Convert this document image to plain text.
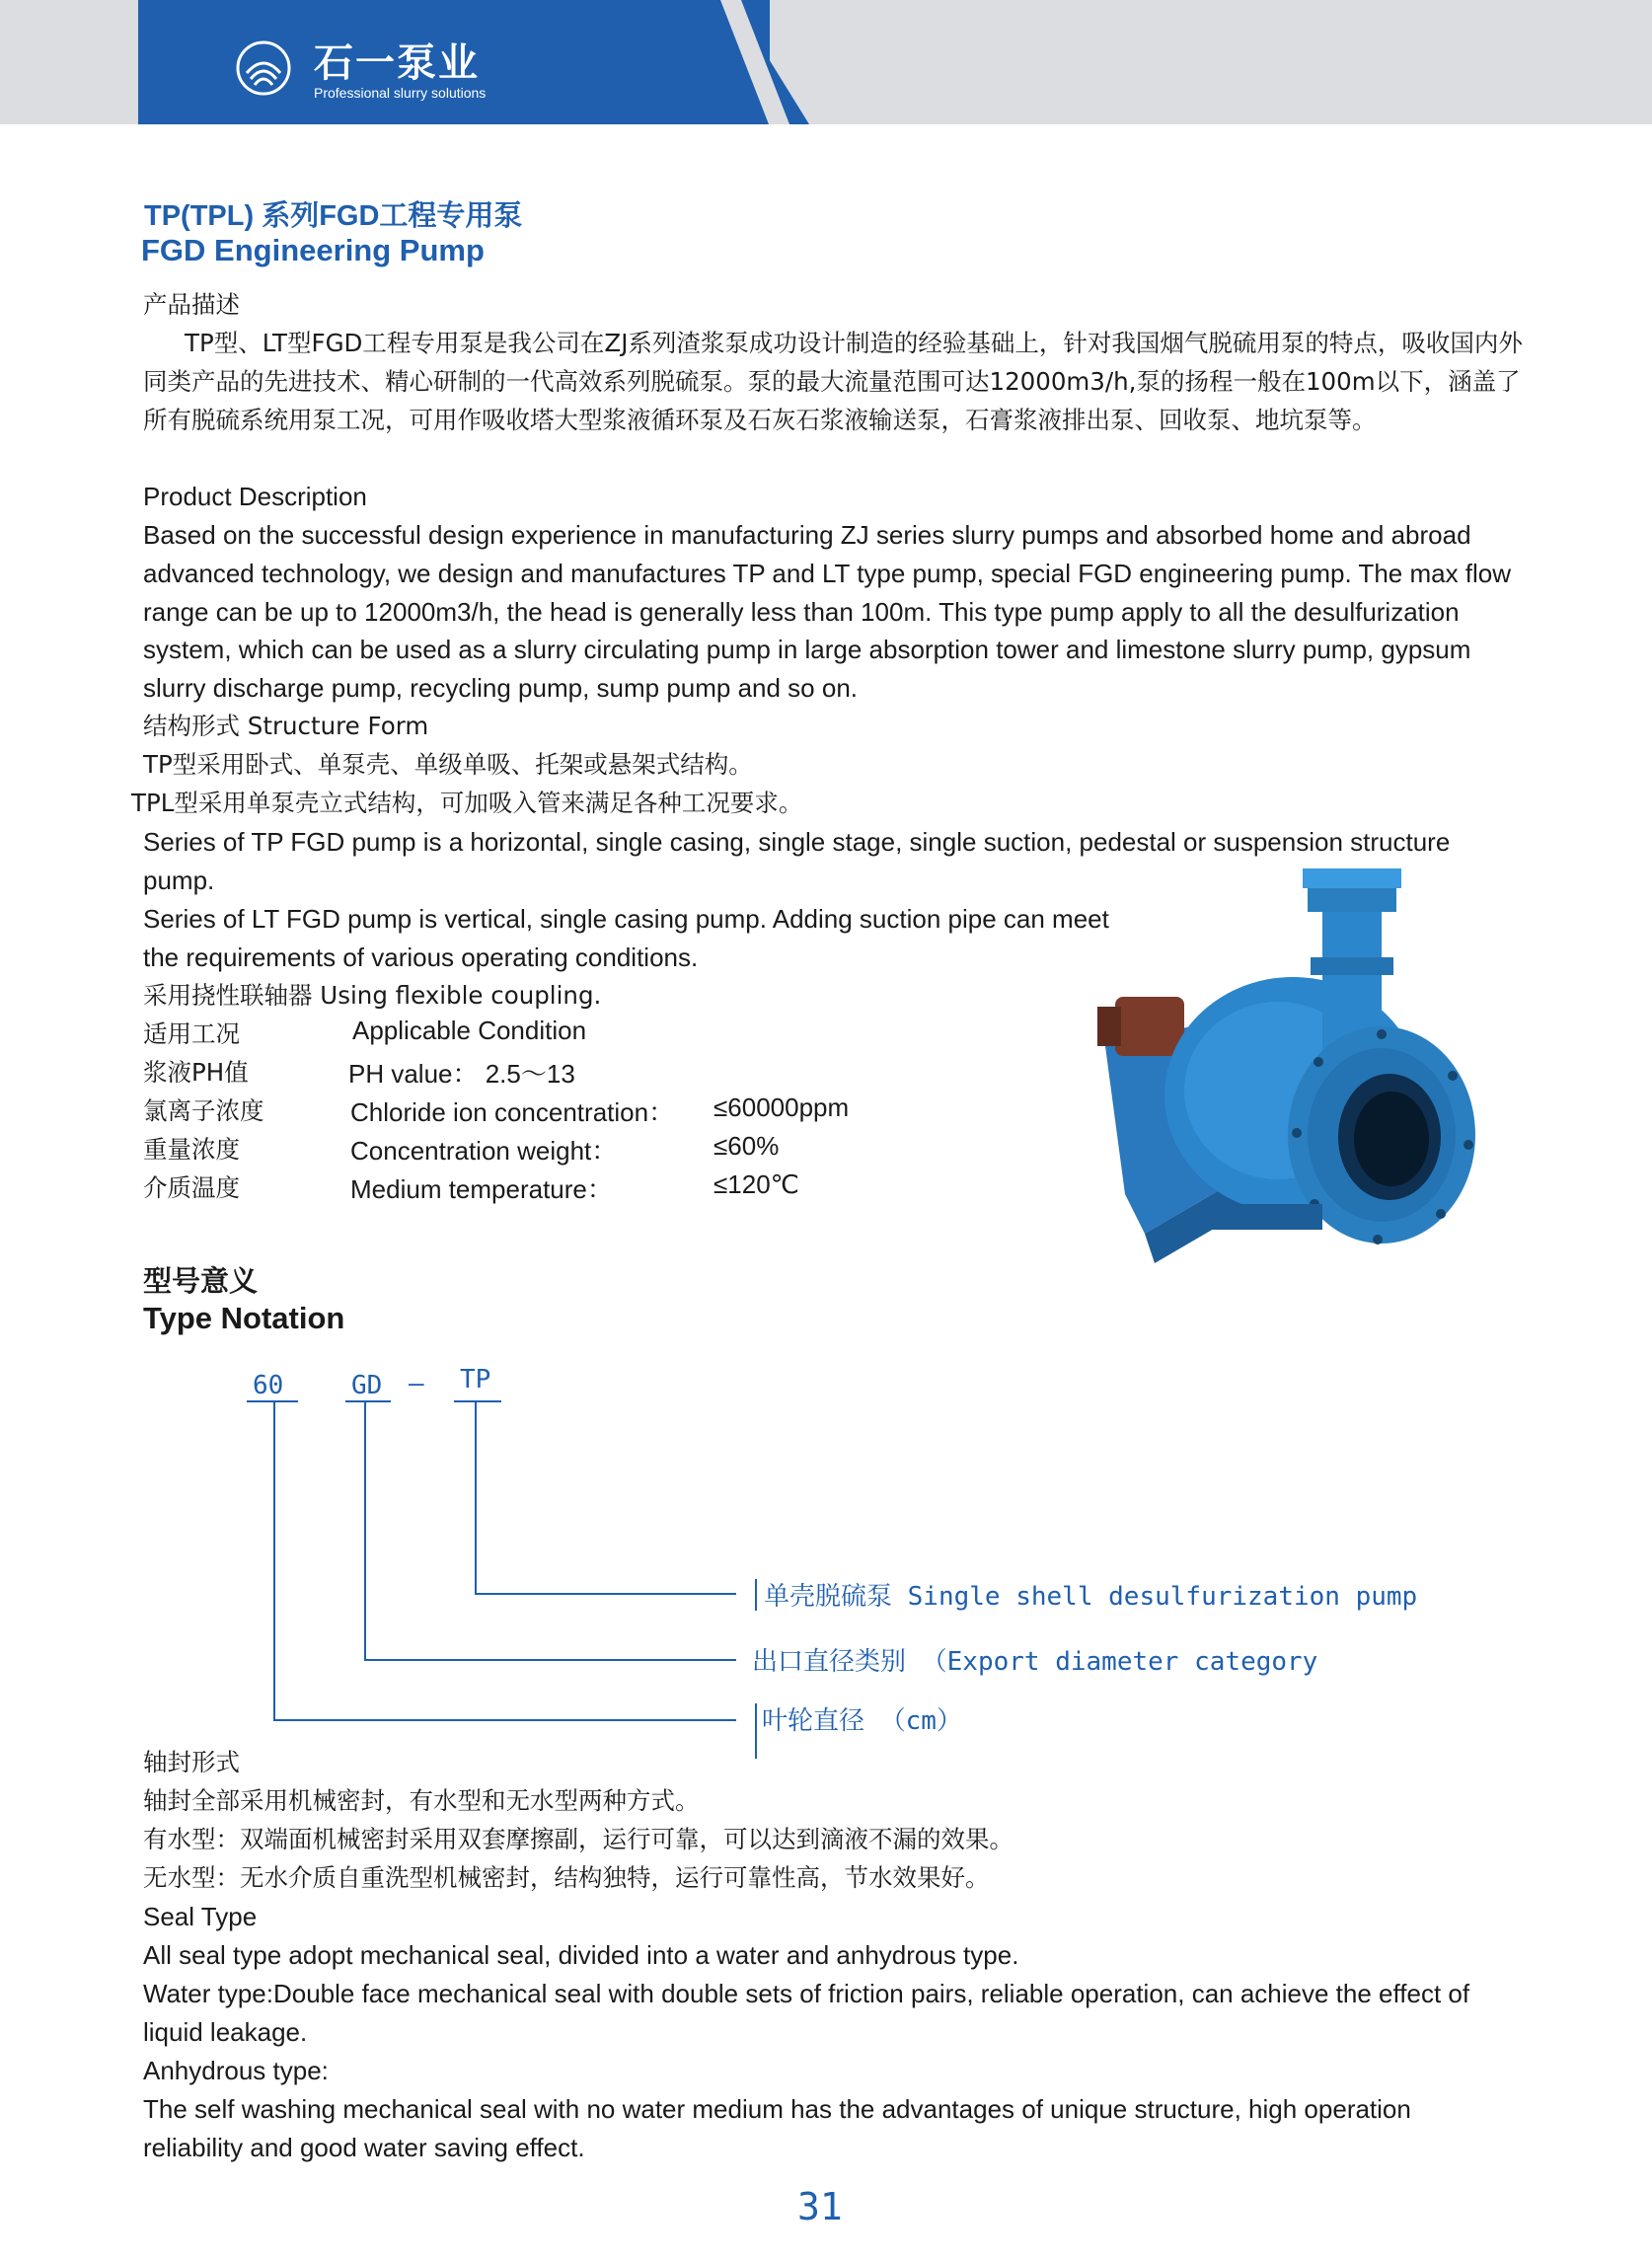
石一泵业
Professional slurry solutions
TP(TPL) 系列FGD工程专用泵
FGD Engineering Pump

产品描述

TP型、LT型FGD工程专用泵是我公司在ZJ系列渣浆泵成功设计制造的经验基础上，针对我国烟气脱硫用泵的特点，吸收国内外同类产品的先进技术、精心研制的一代高效系列脱硫泵。泵的最大流量范围可达12000m3/h,泵的扬程一般在100m以下，涵盖了所有脱硫系统用泵工况，可用作吸收塔大型浆液循环泵及石灰石浆液输送泵，石膏浆液排出泵、回收泵、地坑泵等。

Product Description

Based on the successful design experience in manufacturing ZJ series slurry pumps and absorbed home and abroad advanced technology, we design and manufactures TP and LT type pump, special FGD engineering pump. The max flow range can be up to 12000m3/h, the head is generally less than 100m. This type pump apply to all the desulfurization system, which can be used as a slurry circulating pump in large absorption tower and limestone slurry pump, gypsum slurry discharge pump, recycling pump, sump pump and so on.

结构形式 Structure Form

TP型采用卧式、单泵壳、单级单吸、托架或悬架式结构。

TPL型采用单泵壳立式结构，可加吸入管来满足各种工况要求。

Series of TP FGD pump is a horizontal, single casing, single stage, single suction, pedestal or suspension structure pump.

Series of LT FGD pump is vertical, single casing pump. Adding suction pipe can meet the requirements of various operating conditions.

采用挠性联轴器 Using flexible coupling.

适用工况	Applicable Condition
浆液PH值	PH value： 2.5～13
氯离子浓度	Chloride ion concentration： ≤60000ppm
重量浓度	Concentration weight：	≤60%
介质温度	Medium temperature：	≤120℃
型号意义
Type Notation
60	GD — TP
单壳脱硫泵 Single shell desulfurization pump
出口直径类别 （Export diameter category
叶轮直径 （cm）

轴封形式

轴封全部采用机械密封，有水型和无水型两种方式。

有水型：双端面机械密封采用双套摩擦副，运行可靠，可以达到滴液不漏的效果。

无水型：无水介质自重洗型机械密封，结构独特，运行可靠性高，节水效果好。

Seal Type

All seal type adopt mechanical seal, divided into a water and anhydrous type.

Water type:Double face mechanical seal with double sets of friction pairs, reliable operation, can achieve the effect of liquid leakage.

Anhydrous type:

The self washing mechanical seal with no water medium has the advantages of unique structure, high operation reliability and good water saving effect.

31
